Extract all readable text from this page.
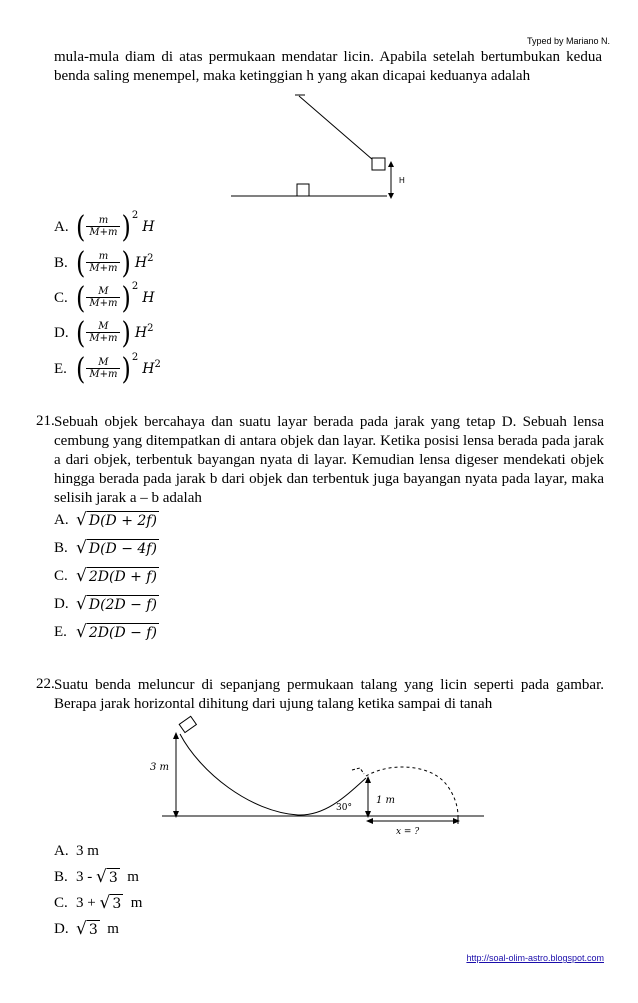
Typed by Mariano N.
mula-mula diam di atas permukaan mendatar licin. Apabila setelah bertumbukan kedua benda saling menempel, maka ketinggian h yang akan dicapai keduanya adalah
H
A. ( $\frac{m}{M+m}$ ) 2
H
B. ( $\frac{m}{M+m}$ ) H 2
C. ( $\frac{M}{M+m}$ ) 2
H
D. ( $\frac{M}{M+m}$ ) H 2
E. ( $\frac{M}{M+m}$ ) 2
H 2
21. Sebuah objek bercahaya dan suatu layar berada pada jarak yang tetap D. Sebuah lensa cembung yang ditempatkan di antara objek dan layar. Ketika posisi lensa berada pada jarak a dari objek, terbentuk bayangan nyata di layar. Kemudian lensa digeser mendekati objek hingga berada pada jarak b dari objek dan terbentuk juga bayangan nyata pada layar, maka selisih jarak a – b adalah
A. √ D(D + 2f)
B. √ D(D − 4f)
C. √ 2D(D + f)
D. √ D(2D − f)
E. √ 2D(D − f)
22. Suatu benda meluncur di sepanjang permukaan talang yang licin seperti pada gambar. Berapa jarak horizontal dihitung dari ujung talang ketika sampai di tanah
3 m
1 m
30°
x = ?
A. 3 m
B. 3 - √ 3 m
C. 3 + √ 3 m
D. √ 3 m
http://soal-olim-astro.blogspot.com
